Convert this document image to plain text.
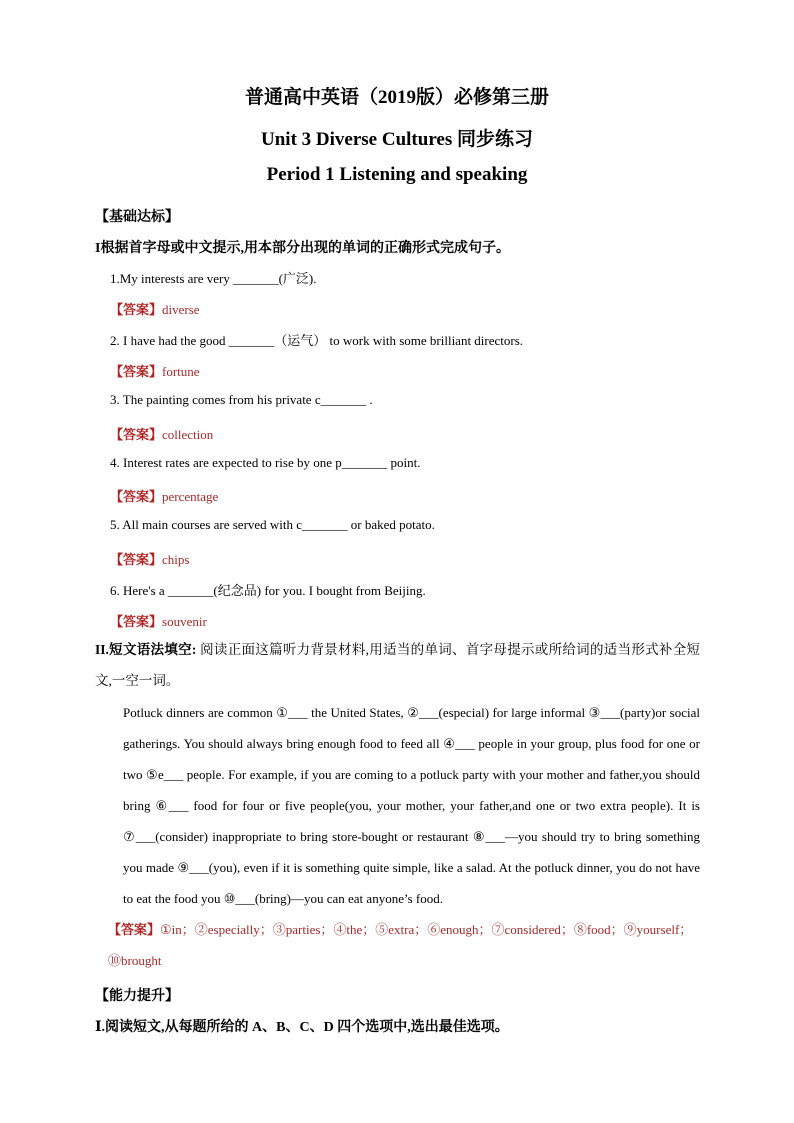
普通高中英语（2019版）必修第三册
Unit 3 Diverse Cultures 同步练习
Period 1 Listening and speaking
【基础达标】
I根据首字母或中文提示,用本部分出现的单词的正确形式完成句子。
1.My interests are very _______(广泛).
【答案】diverse
2. I have had the good _______（运气） to work with some brilliant directors.
【答案】fortune
3. The painting comes from his private c_______ .
【答案】collection
4. Interest rates are expected to rise by one p_______ point.
【答案】percentage
5. All main courses are served with c_______ or baked potato.
【答案】chips
6. Here's a _______(纪念品) for you. I bought from Beijing.
【答案】souvenir
II.短文语法填空: 阅读正面这篇听力背景材料,用适当的单词、首字母提示或所给词的适当形式补全短文,一空一词。
Potluck dinners are common ①___ the United States, ②___(especial) for large informal ③___(party)or social gatherings. You should always bring enough food to feed all ④___ people in your group, plus food for one or two ⑤e___ people. For example, if you are coming to a potluck party with your mother and father,you should bring ⑥___ food for four or five people(you, your mother, your father,and one or two extra people). It is ⑦___(consider) inappropriate to bring store-bought or restaurant ⑧___—you should try to bring something you made ⑨___(you), even if it is something quite simple, like a salad. At the potluck dinner, you do not have to eat the food you ⑩___(bring)—you can eat anyone’s food.
【答案】①in；②especially；③parties；④the；⑤extra；⑥enough；⑦considered；⑧food；⑨yourself；⑩brought
【能力提升】
Ⅰ.阅读短文,从每题所给的 A、B、C、D 四个选项中,选出最佳选项。
